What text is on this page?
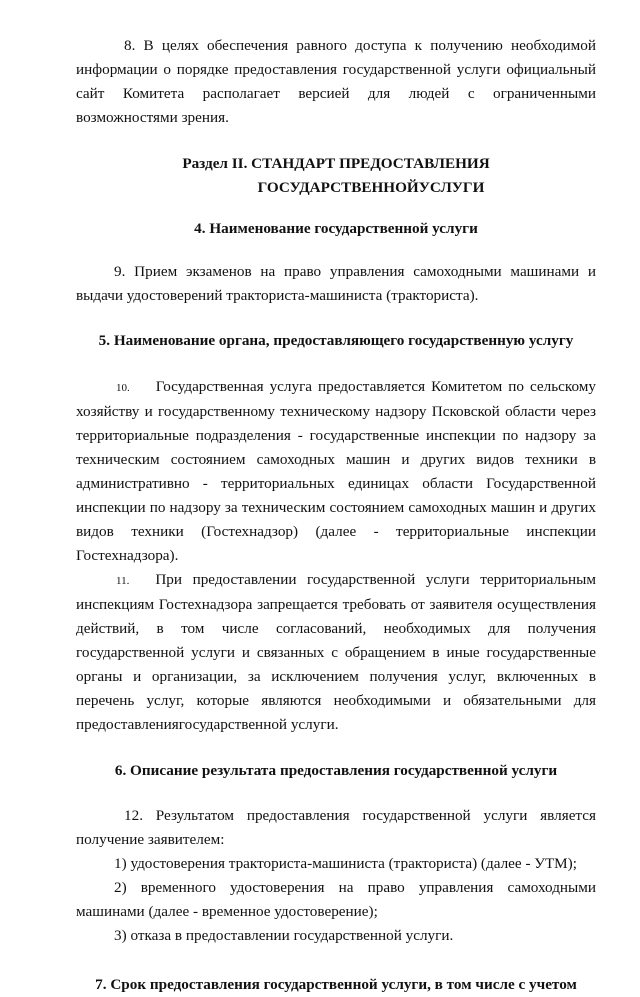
8. В целях обеспечения равного доступа к получению необходимой информации о порядке предоставления государственной услуги официальный сайт Комитета располагает версией для людей с ограниченными возможностями зрения.

Раздел II. СТАНДАРТ ПРЕДОСТАВЛЕНИЯ
ГОСУДАРСТВЕННОЙУСЛУГИ
4. Наименование государственной услуги

9. Прием экзаменов на право управления самоходными машинами и выдачи удостоверений тракториста-машиниста (тракториста).

5. Наименование органа, предоставляющего государственную услугу

10. Государственная услуга предоставляется Комитетом по сельскому хозяйству и государственному техническому надзору Псковской области через территориальные подразделения - государственные инспекции по надзору за техническим состоянием самоходных машин и других видов техники в административно - территориальных единицах области Государственной инспекции по надзору за техническим состоянием самоходных машин и других видов техники (Гостехнадзор) (далее - территориальные инспекции Гостехнадзора).

11. При предоставлении государственной услуги территориальным инспекциям Гостехнадзора запрещается требовать от заявителя осуществления действий, в том числе согласований, необходимых для получения государственной услуги и связанных с обращением в иные государственные органы и организации, за исключением получения услуг, включенных в перечень услуг, которые являются необходимыми и обязательными для предоставлениягосударственной услуги.

6. Описание результата предоставления государственной услуги

12. Результатом предоставления государственной услуги является получение заявителем:

1) удостоверения тракториста-машиниста (тракториста) (далее - УТМ);

2) временного удостоверения на право управления самоходными машинами (далее - временное удостоверение);

3) отказа в предоставлении государственной услуги.

7. Срок предоставления государственной услуги, в том числе с учетом
